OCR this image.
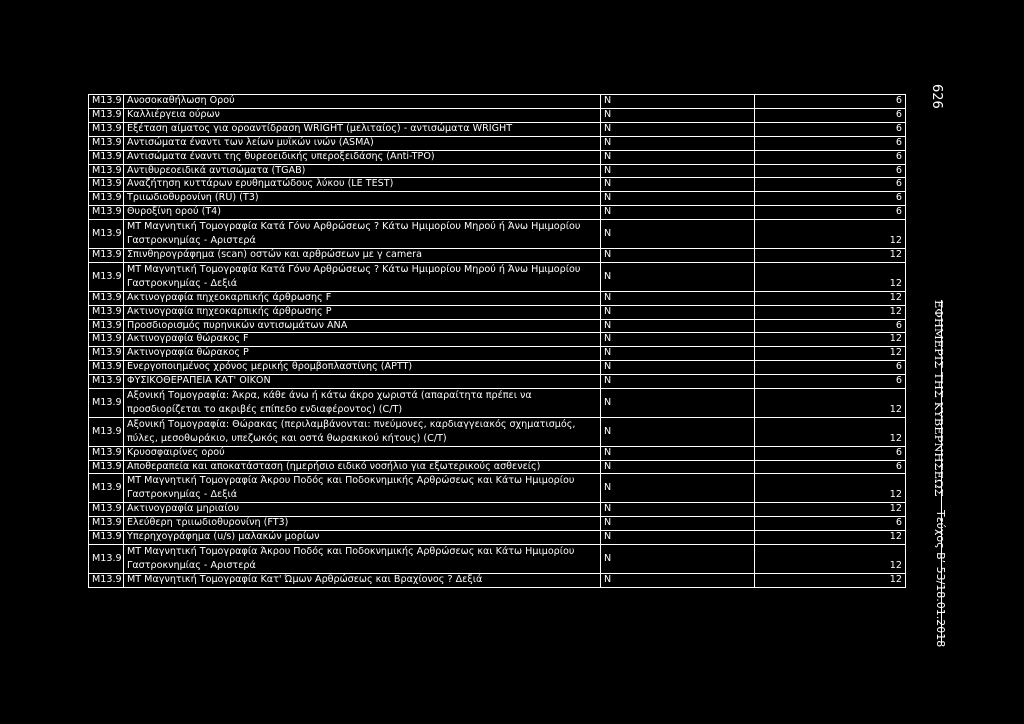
626
ΕΦΗΜΕΡΙΣ ΤΗΣ ΚΥΒΕΡΝΗΣΕΩΣ
Τεύχος Β’ 53/18.01.2018
M13.9	Ανοσοκαθήλωση Ορού	N	6
M13.9	Καλλιέργεια ούρων	N	6
M13.9	Εξέταση αίματος για οροαντίδραση WRIGHT (μελιταίος) - αντισώματα WRIGHT	N	6
M13.9	Αντισώματα έναντι των λείων μυϊκών ινών (ASMA)	N	6
M13.9	Αντισώματα έναντι της θυρεοειδικής υπεροξειδάσης (Anti-TPO)	N	6
M13.9	Αντιθυρεοειδικά αντισώματα (TGAB)	N	6
M13.9	Αναζήτηση κυττάρων ερυθηματώδους λύκου (LE TEST)	N	6
M13.9	Τριιωδιοθυρονίνη (RU) (T3)	N	6
M13.9	Θυροξίνη ορού (T4)	N	6
M13.9	ΜΤ Μαγνητική Τομογραφία Κατά Γόνυ Αρθρώσεως ? Κάτω Ημιμορίου Μηρού ή Άνω Ημιμορίου Γαστροκνημίας - Αριστερά	N	12
M13.9	Σπινθηρογράφημα (scan) οστών και αρθρώσεων με γ camera	N	12
M13.9	ΜΤ Μαγνητική Τομογραφία Κατά Γόνυ Αρθρώσεως ? Κάτω Ημιμορίου Μηρού ή Άνω Ημιμορίου Γαστροκνημίας - Δεξιά	N	12
M13.9	Ακτινογραφία πηχεοκαρπικής άρθρωσης F	N	12
M13.9	Ακτινογραφία πηχεοκαρπικής άρθρωσης P	N	12
M13.9	Προσδιορισμός πυρηνικών αντισωμάτων ΑΝΑ	N	6
M13.9	Ακτινογραφία θώρακος F	N	12
M13.9	Ακτινογραφία θώρακος P	N	12
M13.9	Ενεργοποιημένος χρόνος μερικής θρομβοπλαστίνης (APTT)	N	6
M13.9	ΦΥΣΙΚΟΘΕΡΑΠΕΙΑ ΚΑΤ' ΟΙΚΟΝ	N	6
M13.9	Αξονική Τομογραφία: Άκρα, κάθε άνω ή κάτω άκρο χωριστά (απαραίτητα πρέπει να προσδιορίζεται το ακριβές επίπεδο ενδιαφέροντος) (C/T)	N	12
M13.9	Αξονική Τομογραφία: Θώρακας (περιλαμβάνονται: πνεύμονες, καρδιαγγειακός σχηματισμός, πύλες, μεσοθωράκιο, υπεζωκός και οστά θωρακικού κήτους) (C/T)	N	12
M13.9	Κρυοσφαιρίνες ορού	N	6
M13.9	Αποθεραπεία και αποκατάσταση (ημερήσιο ειδικό νοσήλιο για εξωτερικούς ασθενείς)	N	6
M13.9	ΜΤ Μαγνητική Τομογραφία Άκρου Ποδός και Ποδοκνημικής Αρθρώσεως και Κάτω Ημιμορίου Γαστροκνημίας - Δεξιά	N	12
M13.9	Ακτινογραφία μηριαίου	N	12
M13.9	Ελεύθερη τριιωδιοθυρονίνη (FT3)	N	6
M13.9	Υπερηχογράφημα (u/s) μαλακών μορίων	N	12
M13.9	ΜΤ Μαγνητική Τομογραφία Άκρου Ποδός και Ποδοκνημικής Αρθρώσεως και Κάτω Ημιμορίου Γαστροκνημίας - Αριστερά	N	12
M13.9	ΜΤ Μαγνητική Τομογραφία Κατ' Ώμων Αρθρώσεως και Βραχίονος ? Δεξιά	N	12
